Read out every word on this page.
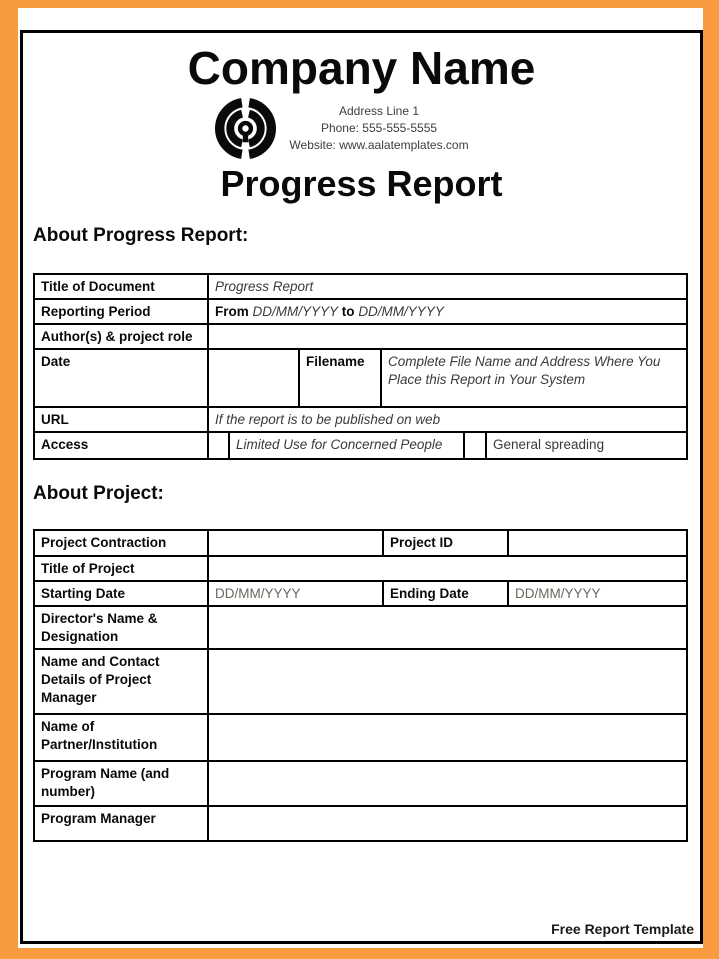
Company Name
Address Line 1
Phone: 555-555-5555
Website: www.aalatemplates.com
Progress Report
About Progress Report:
Title of Document	Progress Report					
Reporting Period	From DD/MM/YYYY to DD/MM/YYYY					
Author(s) & project role						
Date			Filename	Complete File Name and Address Where You Place this Report in Your System		
URL	If the report is to be published on web					
Access		Limited Use for Concerned People				General spreading
About Project:
Project Contraction		Project ID	
Title of Project			
Starting Date	DD/MM/YYYY	Ending Date	DD/MM/YYYY
Director's Name & Designation			
Name and Contact Details of Project Manager			
Name of Partner/Institution			
Program Name (and number)			
Program Manager			
Free Report Template
